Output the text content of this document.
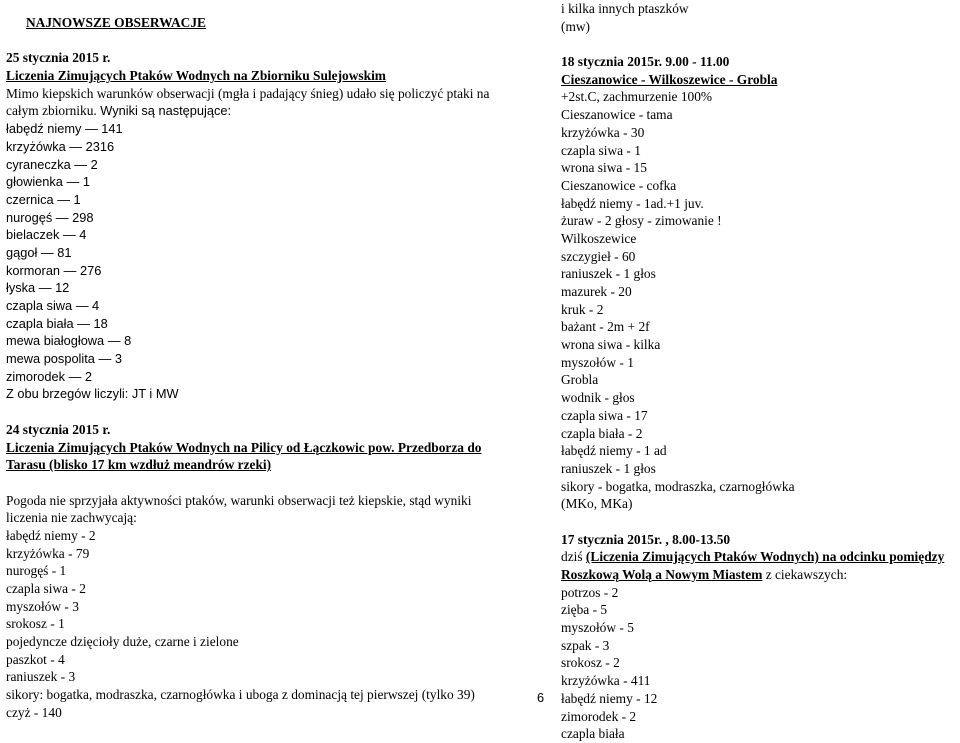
NAJNOWSZE OBSERWACJE
25 stycznia 2015 r.
Liczenia Zimujących Ptaków Wodnych na Zbiorniku Sulejowskim
Mimo kiepskich warunków obserwacji (mgła i padający śnieg) udało się policzyć ptaki na
całym zbiorniku. Wyniki są następujące:
łabędź niemy — 141
krzyżówka — 2316
cyraneczka — 2
głowienka — 1
czernica — 1
nurogęś — 298
bielaczek — 4
gągoł — 81
kormoran — 276
łyska — 12
czapla siwa — 4
czapla biała — 18
mewa białogłowa — 8
mewa pospolita — 3
zimorodek — 2
Z obu brzegów liczyli: JT i MW
24 stycznia 2015 r.
Liczenia Zimujących Ptaków Wodnych na Pilicy od Łączkowic pow. Przedborza do
Tarasu (blisko 17 km wzdłuż meandrów rzeki)
Pogoda nie sprzyjała aktywności ptaków, warunki obserwacji też kiepskie, stąd wyniki
liczenia nie zachwycają:
łabędź niemy - 2
krzyżówka - 79
nurogęś - 1
czapla siwa - 2
myszołów - 3
srokosz - 1
pojedyncze dzięcioły duże, czarne i zielone
paszkot - 4
raniuszek - 3
sikory: bogatka, modraszka, czarnogłówka i uboga z dominacją tej pierwszej (tylko 39)
czyż - 140
i kilka innych ptaszków
(mw)
18 stycznia 2015r. 9.00 - 11.00
Cieszanowice - Wilkoszewice - Grobla
+2st.C, zachmurzenie 100%
Cieszanowice - tama
krzyżówka - 30
czapla siwa - 1
wrona siwa - 15
Cieszanowice - cofka
łabędź niemy - 1ad.+1 juv.
żuraw - 2 głosy - zimowanie !
Wilkoszewice
szczygieł - 60
raniuszek - 1 głos
mazurek - 20
kruk - 2
bażant - 2m + 2f
wrona siwa - kilka
myszołów - 1
Grobla
wodnik - głos
czapla siwa - 17
czapla biała - 2
łabędź niemy - 1 ad
raniuszek - 1 głos
sikory - bogatka, modraszka, czarnogłówka
(MKo, MKa)
17 stycznia 2015r. , 8.00-13.50
dziś (Liczenia Zimujących Ptaków Wodnych) na odcinku pomiędzy
Roszkową Wolą a Nowym Miastem z ciekawszych:
potrzos - 2
zięba - 5
myszołów - 5
szpak - 3
srokosz - 2
krzyżówka - 411
łabędź niemy - 12
zimorodek - 2
czapla biała
6
